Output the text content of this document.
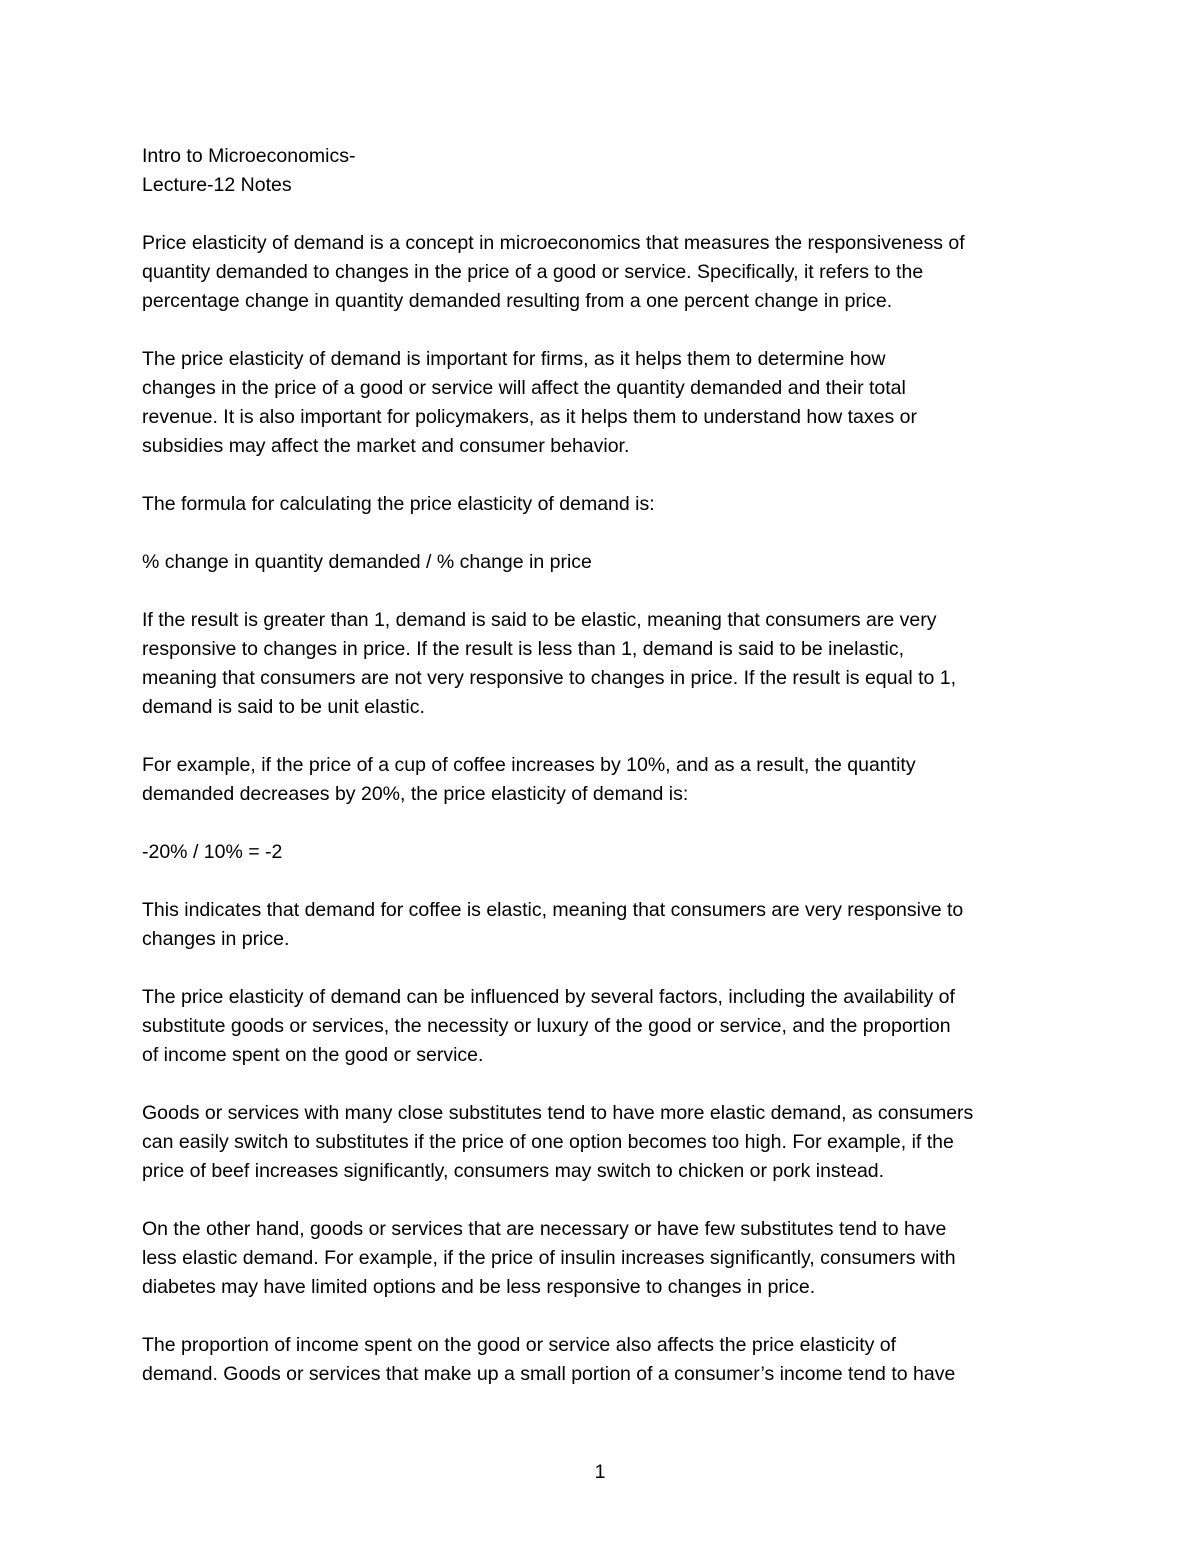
Intro to Microeconomics-
Lecture-12 Notes

Price elasticity of demand is a concept in microeconomics that measures the responsiveness of
quantity demanded to changes in the price of a good or service. Specifically, it refers to the
percentage change in quantity demanded resulting from a one percent change in price.

The price elasticity of demand is important for firms, as it helps them to determine how
changes in the price of a good or service will affect the quantity demanded and their total
revenue. It is also important for policymakers, as it helps them to understand how taxes or
subsidies may affect the market and consumer behavior.

The formula for calculating the price elasticity of demand is:

% change in quantity demanded / % change in price

If the result is greater than 1, demand is said to be elastic, meaning that consumers are very
responsive to changes in price. If the result is less than 1, demand is said to be inelastic,
meaning that consumers are not very responsive to changes in price. If the result is equal to 1,
demand is said to be unit elastic.

For example, if the price of a cup of coffee increases by 10%, and as a result, the quantity
demanded decreases by 20%, the price elasticity of demand is:

-20% / 10% = -2

This indicates that demand for coffee is elastic, meaning that consumers are very responsive to
changes in price.

The price elasticity of demand can be influenced by several factors, including the availability of
substitute goods or services, the necessity or luxury of the good or service, and the proportion
of income spent on the good or service.

Goods or services with many close substitutes tend to have more elastic demand, as consumers
can easily switch to substitutes if the price of one option becomes too high. For example, if the
price of beef increases significantly, consumers may switch to chicken or pork instead.

On the other hand, goods or services that are necessary or have few substitutes tend to have
less elastic demand. For example, if the price of insulin increases significantly, consumers with
diabetes may have limited options and be less responsive to changes in price.

The proportion of income spent on the good or service also affects the price elasticity of
demand. Goods or services that make up a small portion of a consumer’s income tend to have

1
